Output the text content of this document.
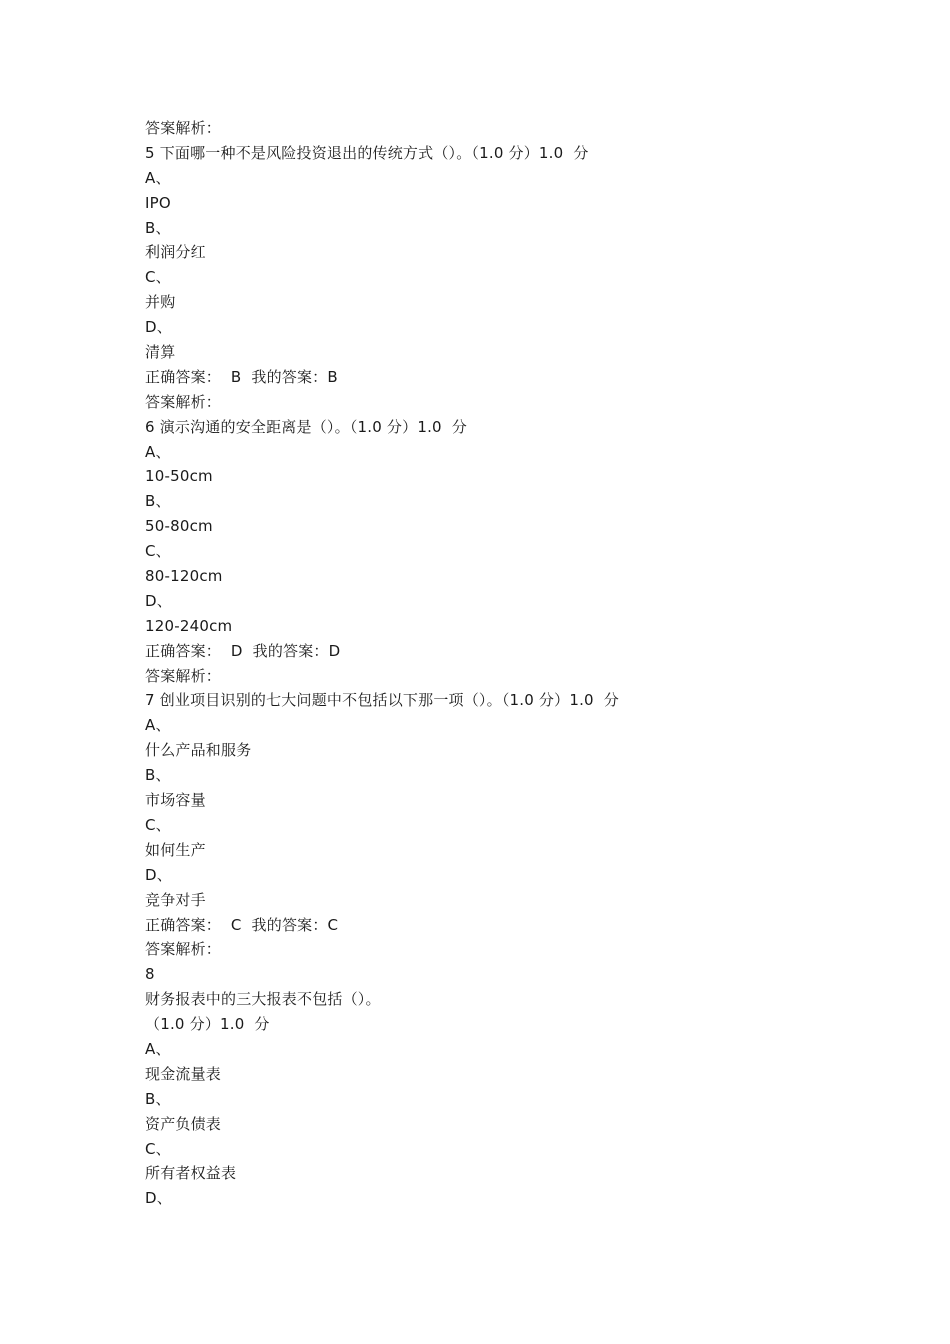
答案解析：
5 下面哪一种不是风险投资退出的传统方式（）。（1.0 分）1.0  分
A、
IPO
B、
利润分红
C、
并购
D、
清算
正确答案：  B  我的答案：B
答案解析：
6 演示沟通的安全距离是（）。（1.0 分）1.0  分
A、
10-50cm
B、
50-80cm
C、
80-120cm
D、
120-240cm
正确答案：  D  我的答案：D
答案解析：
7 创业项目识别的七大问题中不包括以下那一项（）。（1.0 分）1.0  分
A、
什么产品和服务
B、
市场容量
C、
如何生产
D、
竞争对手
正确答案：  C  我的答案：C
答案解析：
8
财务报表中的三大报表不包括（）。
（1.0 分）1.0  分
A、
现金流量表
B、
资产负债表
C、
所有者权益表
D、
